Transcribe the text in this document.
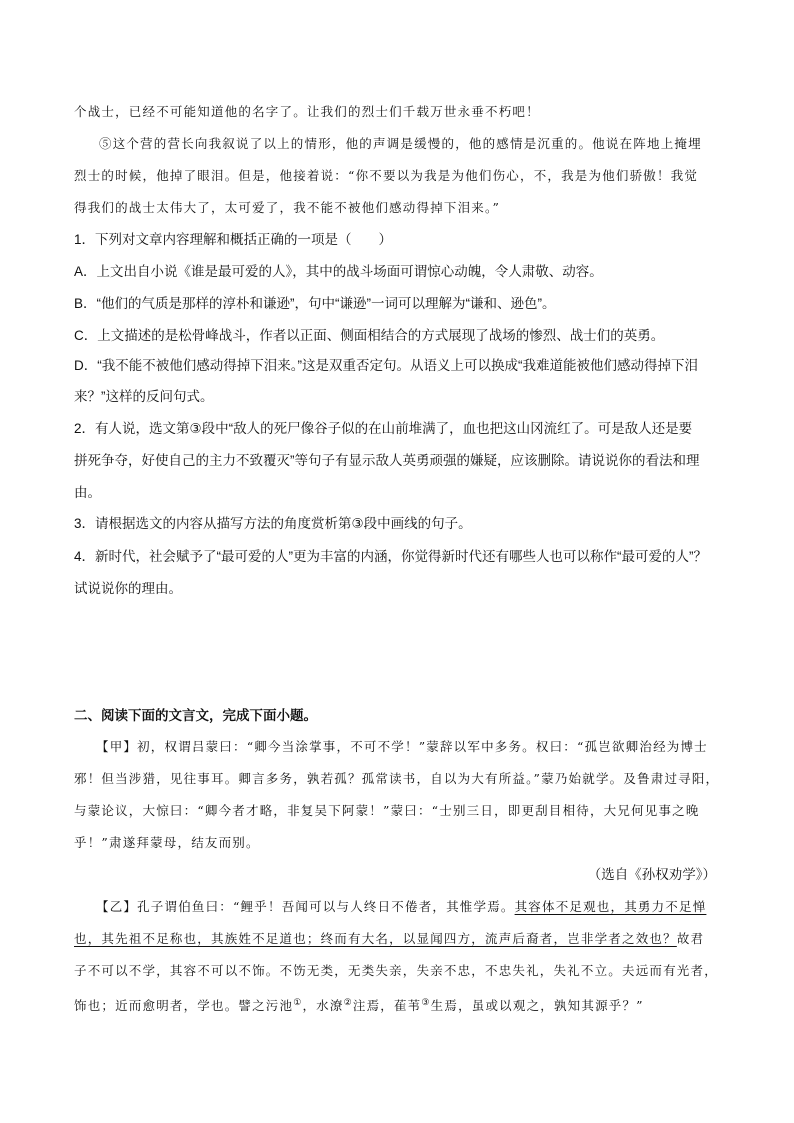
个战士，已经不可能知道他的名字了。让我们的烈士们千载万世永垂不朽吧！
⑤这个营的营长向我叙说了以上的情形，他的声调是缓慢的，他的感情是沉重的。他说在阵地上掩埋
烈士的时候，他掉了眼泪。但是，他接着说：“你不要以为我是为他们伤心，不，我是为他们骄傲！我觉
得我们的战士太伟大了，太可爱了，我不能不被他们感动得掉下泪来。”
1．下列对文章内容理解和概括正确的一项是（　　）
A．上文出自小说《谁是最可爱的人》，其中的战斗场面可谓惊心动魄，令人肃敬、动容。
B．“他们的气质是那样的淳朴和谦逊”，句中“谦逊”一词可以理解为“谦和、逊色”。
C．上文描述的是松骨峰战斗，作者以正面、侧面相结合的方式展现了战场的惨烈、战士们的英勇。
D．“我不能不被他们感动得掉下泪来。”这是双重否定句。从语义上可以换成“我难道能被他们感动得掉下泪
来？”这样的反问句式。
2．有人说，选文第③段中“敌人的死尸像谷子似的在山前堆满了，血也把这山冈流红了。可是敌人还是要
拼死争夺，好使自己的主力不致覆灭”等句子有显示敌人英勇顽强的嫌疑，应该删除。请说说你的看法和理
由。
3．请根据选文的内容从描写方法的角度赏析第③段中画线的句子。
4．新时代，社会赋予了“最可爱的人”更为丰富的内涵，你觉得新时代还有哪些人也可以称作“最可爱的人”？
试说说你的理由。
二、阅读下面的文言文，完成下面小题。
【甲】初，权谓吕蒙曰：“卿今当涂掌事，不可不学！”蒙辞以军中多务。权曰：“孤岂欲卿治经为博士
邪！但当涉猎，见往事耳。卿言多务，孰若孤？孤常读书，自以为大有所益。”蒙乃始就学。及鲁肃过寻阳，
与蒙论议，大惊曰：“卿今者才略，非复吴下阿蒙！”蒙曰：“士别三日，即更刮目相待，大兄何见事之晚
乎！”肃遂拜蒙母，结友而别。
（选自《孙权劝学》）
【乙】孔子谓伯鱼曰：“鲤乎！吾闻可以与人终日不倦者，其惟学焉。其容体不足观也，其勇力不足惮
也，其先祖不足称也，其族姓不足道也；终而有大名，以显闻四方，流声后裔者，岂非学者之效也？故君
子不可以不学，其容不可以不饰。不饬无类，无类失亲，失亲不忠，不忠失礼，失礼不立。夫远而有光者，
饰也；近而愈明者，学也。譬之污池①，水潦②注焉，萑苇③生焉，虽或以观之，孰知其源乎？”
